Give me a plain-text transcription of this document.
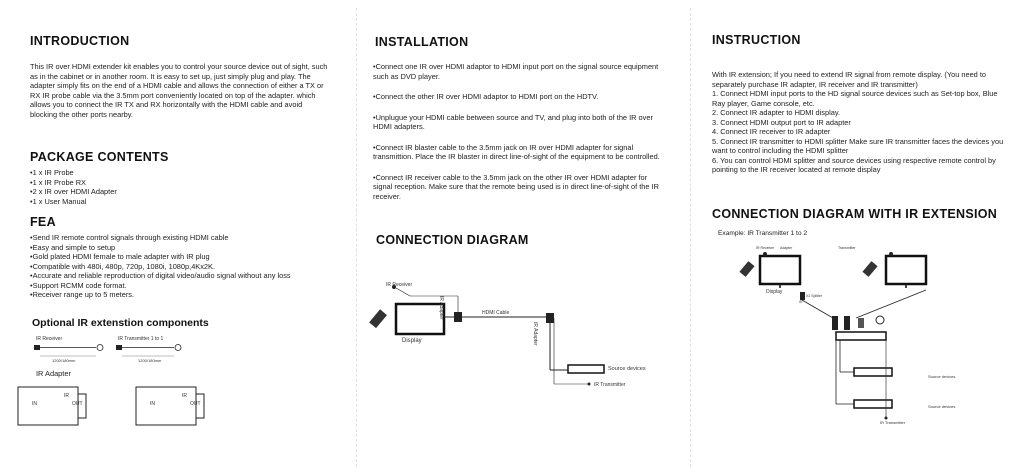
INTRODUCTION
This IR over HDMI extender kit enables you to control your source device out of sight, such as in the cabinet or in another room. It is easy to set up, just simply plug and play. The adapter simply fits on the end of a HDMI cable and allows the connection of either a TX or RX IR probe cable via the 3.5mm port conveniently located on top of the adapter. which allows you to connect the IR TX and RX horizontally with the HDMI cable and avoid blocking the other ports nearby.
PACKAGE CONTENTS
•1 x IR Probe
•1 x IR Probe RX
•2 x IR over HDMI Adapter
•1 x User Manual
FEA
•Send IR remote control signals through existing HDMI cable
•Easy and simple to setup
•Gold plated HDMI female to male adapter with IR plug
•Compatible with 480i, 480p, 720p, 1080i, 1080p,4Kx2K.
•Accurate and reliable reproduction of digital video/audio signal without any loss
•Support RCMM code format.
•Receiver range up to 5 meters.
Optional IR extenstion components
IR Receiver	IR Transmitter 1 to 1
1200/180mm	1200/180mm
IR Adapter
IN
IR
OUT	IN
IR
OUT
INSTALLATION

•Connect one IR over HDMI adaptor to HDMI input port on the signal source equipment such as DVD player.

•Connect the other IR over HDMI adaptor to HDMI port on the HDTV.

•Unplugue your HDMI cable between source and TV, and plug into both of the IR over HDMI adapters.

•Connect IR blaster cable to the 3.5mm jack on IR over HDMI adapter for signal transmittion. Place the IR blaster in direct line-of-sight of the equipment to be controlled.

•Connect IR receiver cable to the 3.5mm jack on the other IR over HDMI adapter for signal reception. Make sure that the remote being used is in direct line-of-sight of the IR receiver.

CONNECTION DIAGRAM
IR Receiver
IR Adapter	HDMI Cable
IR Adapter
Display
Source devices
IR Transmitter
INSTRUCTION

With IR extension; If you need to extend IR signal from remote display. (You need to separately purchase IR adapter, IR receiver and IR transmitter)

1. Connect HDMI input ports to the HD signal source devices such as Set-top box, Blue Ray player, Game console, etc.
2. Connect IR adapter to HDMI display.
3. Connect HDMI output port to IR adapter
4. Connect IR receiver to IR adapter
5. Connect IR transmitter to HDMI splitter Make sure IR transmitter faces the devices you want to control including the HDMI splitter
6. You can control HDMI splitter and source devices using respective remote control by pointing to the IR receiver located at remote display
CONNECTION DIAGRAM WITH IR EXTENSION
Example: IR Transmitter 1 to 2
IR Receiver Adapter	Transmitter
Display
X2 Splitter
IR
Source devices
Source devices
IR Transmitter
